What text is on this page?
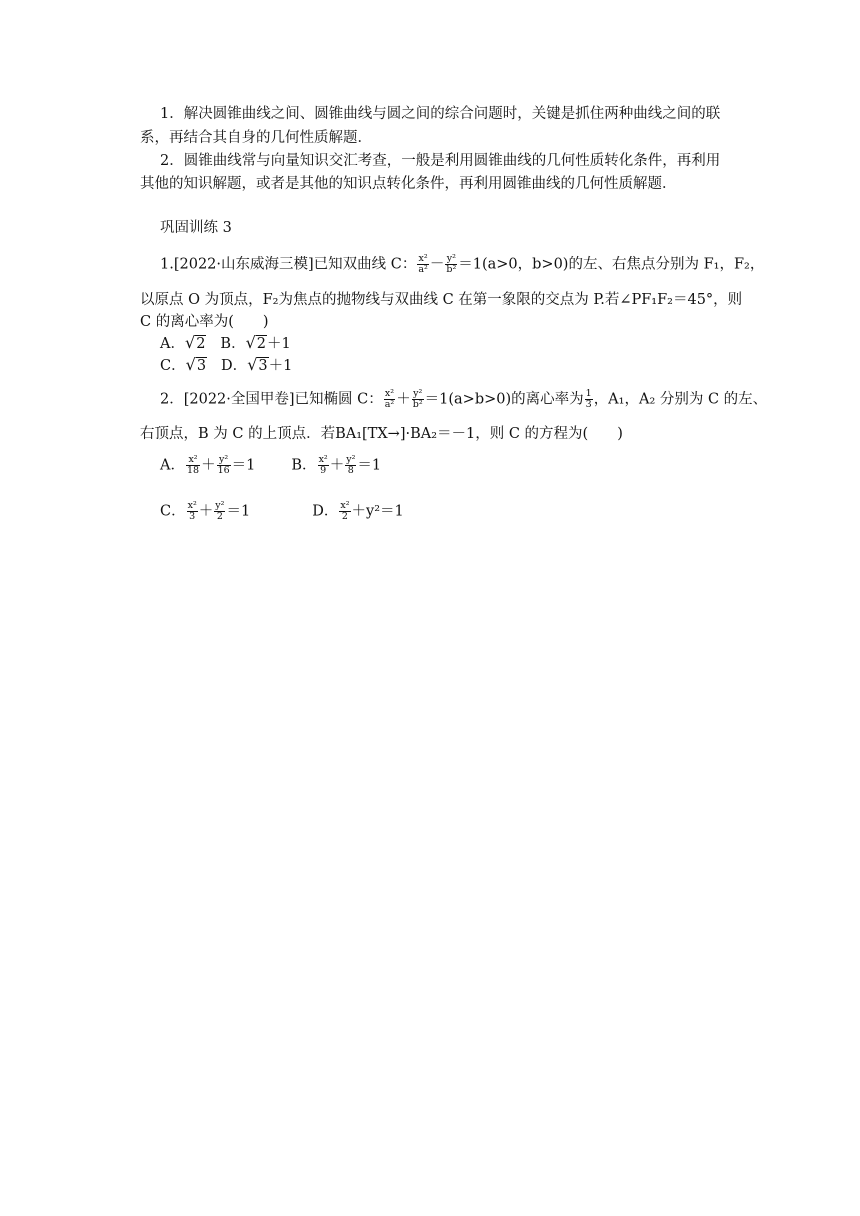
1．解决圆锥曲线之间、圆锥曲线与圆之间的综合问题时，关键是抓住两种曲线之间的联
系，再结合其自身的几何性质解题．
2．圆锥曲线常与向量知识交汇考查，一般是利用圆锥曲线的几何性质转化条件，再利用
其他的知识解题，或者是其他的知识点转化条件，再利用圆锥曲线的几何性质解题．
巩固训练 3
1.[2022·山东威海三模]已知双曲线 C： $\frac{\text{x²}}{\text{a²}} - \frac{\text{y²}}{\text{b²}} =1(a>0$，b>0)的左、右焦点分别为 F₁，F₂，
以原点 O 为顶点，F₂为焦点的抛物线与双曲线 C 在第一象限的交点为 P.若∠PF₁F₂＝45°，则
C 的离心率为(　　)
A．√2 B．√2＋1
C．√3 D．√3＋1
2．[2022·全国甲卷]已知椭圆 C： $\frac{\text{x²}}{\text{a²}} + \frac{\text{y²}}{\text{b²}} =1(a>b>0)$的离心率为 $\frac{1}{3}$ ，A₁，A₂ 分别为 C 的左、
右顶点，B 为 C 的上顶点．若BA₁[TX→]·BA₂＝－1，则 C 的方程为(　　)
A． $\frac{\text{x²}}{18} + \frac{\text{y²}}{16} =1$ B． $\frac{\text{x²}}{9} + \frac{\text{y²}}{8} =1$
C． $\frac{\text{x²}}{3} + \frac{\text{y²}}{2} =1$	D． $\frac{\text{x²}}{2} +y^2=1$
